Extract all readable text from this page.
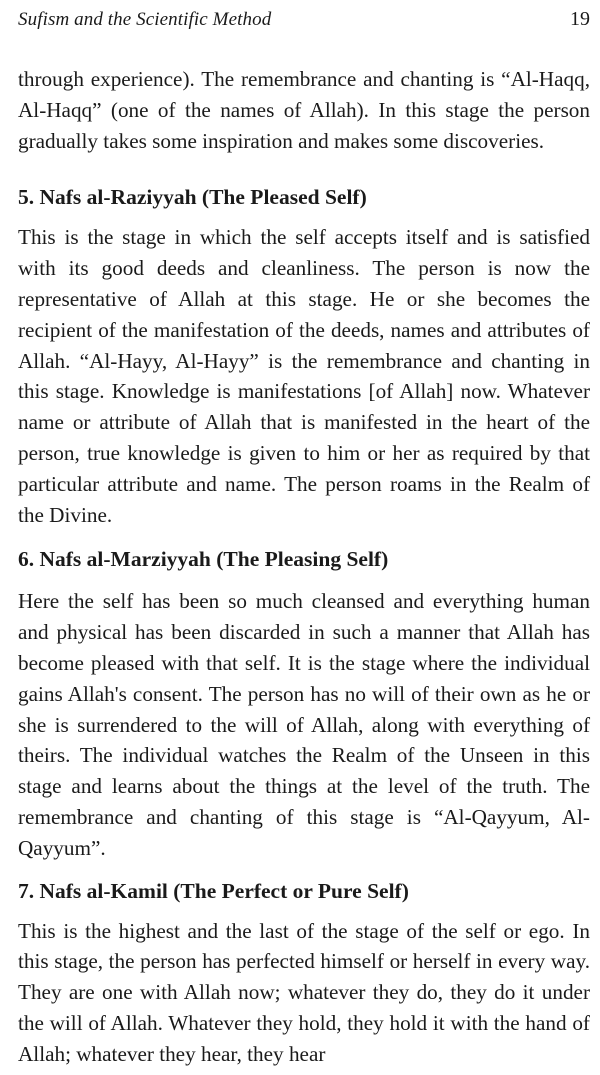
Sufism and the Scientific Method	19

through experience). The remembrance and chanting is “Al-Haqq, Al-Haqq” (one of the names of Allah). In this stage the person gradually takes some inspiration and makes some discoveries.

5. Nafs al-Raziyyah (The Pleased Self)

This is the stage in which the self accepts itself and is satisfied with its good deeds and cleanliness. The person is now the representative of Allah at this stage. He or she becomes the recipient of the manifestation of the deeds, names and attributes of Allah. “Al-Hayy, Al-Hayy” is the remembrance and chanting in this stage. Knowledge is manifestations [of Allah] now. Whatever name or attribute of Allah that is manifested in the heart of the person, true knowledge is given to him or her as required by that particular attribute and name. The person roams in the Realm of the Divine.

6. Nafs al-Marziyyah (The Pleasing Self)

Here the self has been so much cleansed and everything human and physical has been discarded in such a manner that Allah has become pleased with that self. It is the stage where the individual gains Allah's consent. The person has no will of their own as he or she is surrendered to the will of Allah, along with everything of theirs. The individual watches the Realm of the Unseen in this stage and learns about the things at the level of the truth. The remembrance and chanting of this stage is “Al-Qayyum, Al-Qayyum”.

7. Nafs al-Kamil (The Perfect or Pure Self)

This is the highest and the last of the stage of the self or ego. In this stage, the person has perfected himself or herself in every way. They are one with Allah now; whatever they do, they do it under the will of Allah. Whatever they hold, they hold it with the hand of Allah; whatever they hear, they hear
